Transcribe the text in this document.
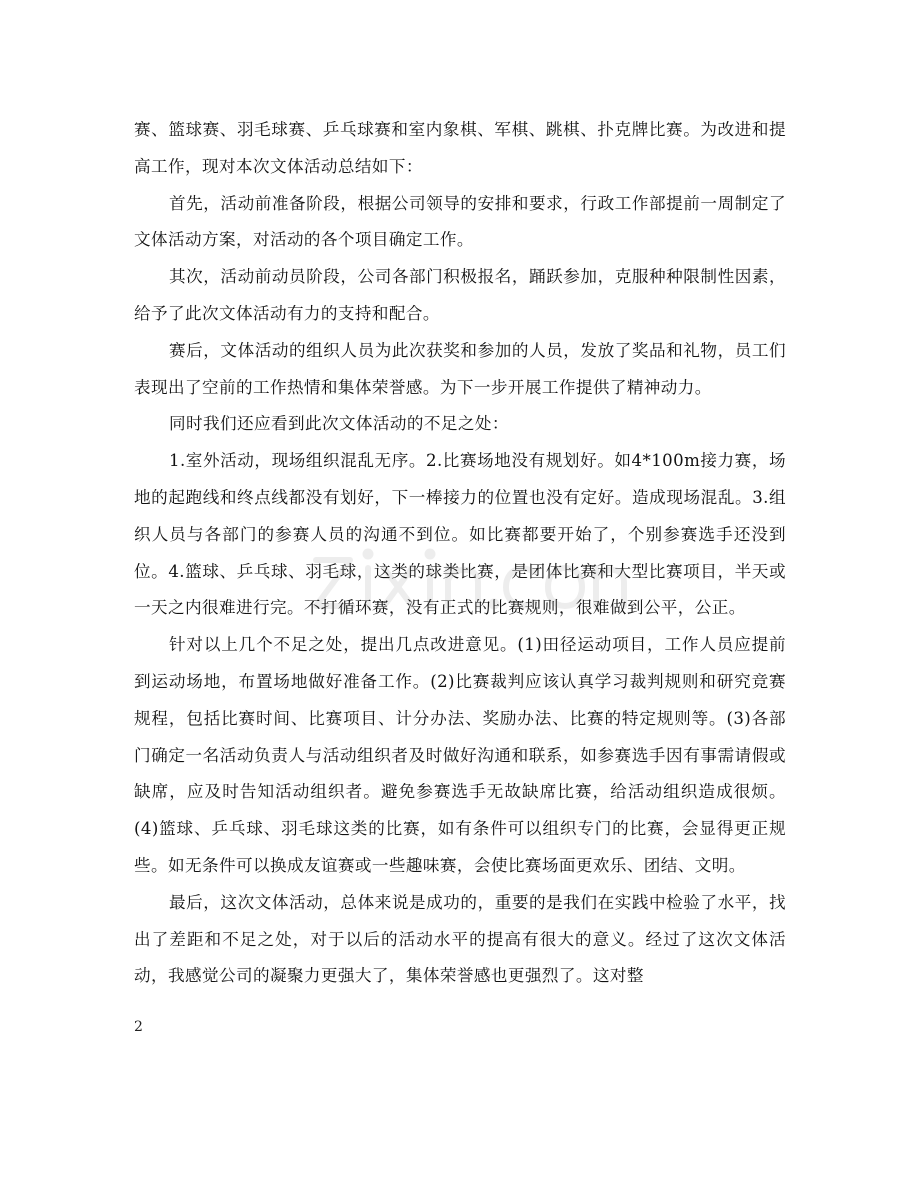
赛、篮球赛、羽毛球赛、乒乓球赛和室内象棋、军棋、跳棋、扑克牌比赛。为改进和提高工作，现对本次文体活动总结如下：

首先，活动前准备阶段，根据公司领导的安排和要求，行政工作部提前一周制定了文体活动方案，对活动的各个项目确定工作。

其次，活动前动员阶段，公司各部门积极报名，踊跃参加，克服种种限制性因素，给予了此次文体活动有力的支持和配合。

赛后，文体活动的组织人员为此次获奖和参加的人员，发放了奖品和礼物，员工们表现出了空前的工作热情和集体荣誉感。为下一步开展工作提供了精神动力。

同时我们还应看到此次文体活动的不足之处：

1.室外活动，现场组织混乱无序。2.比赛场地没有规划好。如4*100m接力赛，场地的起跑线和终点线都没有划好，下一棒接力的位置也没有定好。造成现场混乱。3.组织人员与各部门的参赛人员的沟通不到位。如比赛都要开始了，个别参赛选手还没到位。4.篮球、乒乓球、羽毛球，这类的球类比赛，是团体比赛和大型比赛项目，半天或一天之内很难进行完。不打循环赛，没有正式的比赛规则，很难做到公平，公正。

针对以上几个不足之处，提出几点改进意见。(1)田径运动项目，工作人员应提前到运动场地，布置场地做好准备工作。(2)比赛裁判应该认真学习裁判规则和研究竞赛规程，包括比赛时间、比赛项目、计分办法、奖励办法、比赛的特定规则等。(3)各部门确定一名活动负责人与活动组织者及时做好沟通和联系，如参赛选手因有事需请假或缺席，应及时告知活动组织者。避免参赛选手无故缺席比赛，给活动组织造成很烦。(4)篮球、乒乓球、羽毛球这类的比赛，如有条件可以组织专门的比赛，会显得更正规些。如无条件可以换成友谊赛或一些趣味赛，会使比赛场面更欢乐、团结、文明。

最后，这次文体活动，总体来说是成功的，重要的是我们在实践中检验了水平，找出了差距和不足之处，对于以后的活动水平的提高有很大的意义。经过了这次文体活动，我感觉公司的凝聚力更强大了，集体荣誉感也更强烈了。这对整

2
